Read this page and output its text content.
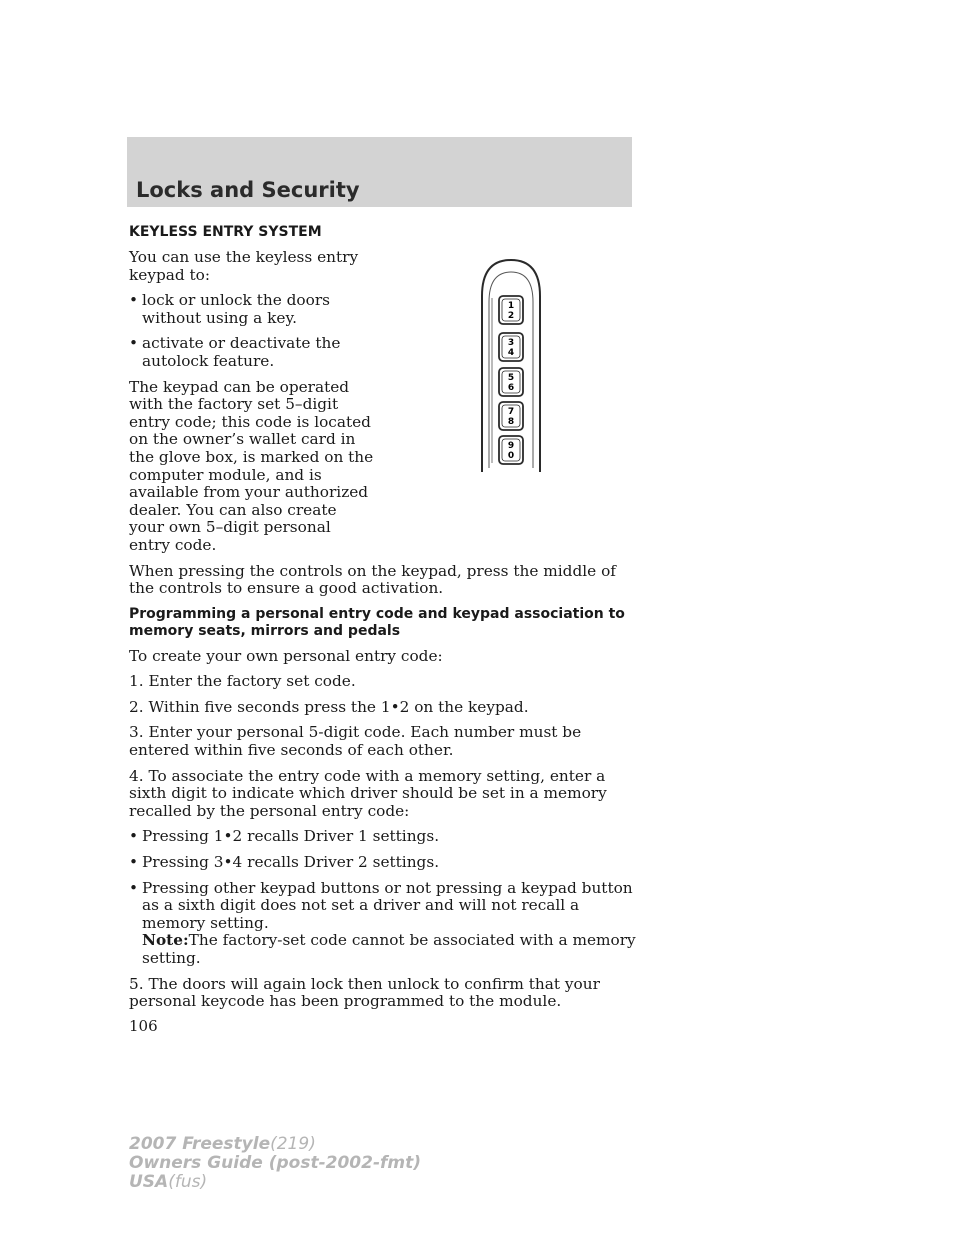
Locks and Security

KEYLESS ENTRY SYSTEM

You can use the keyless entry keypad to:

• lock or unlock the doors without using a key.
• activate or deactivate the autolock feature.

The keypad can be operated with the factory set 5–digit entry code; this code is located on the owner’s wallet card in the glove box, is marked on the computer module, and is available from your authorized dealer. You can also create your own 5–digit personal entry code.

When pressing the controls on the keypad, press the middle of the controls to ensure a good activation.

Programming a personal entry code and keypad association to memory seats, mirrors and pedals

To create your own personal entry code:

1. Enter the factory set code.

2. Within five seconds press the 1•2 on the keypad.

3. Enter your personal 5-digit code. Each number must be entered within five seconds of each other.

4. To associate the entry code with a memory setting, enter a sixth digit to indicate which driver should be set in a memory recalled by the personal entry code:

• Pressing 1•2 recalls Driver 1 settings.
• Pressing 3•4 recalls Driver 2 settings.
• Pressing other keypad buttons or not pressing a keypad button as a sixth digit does not set a driver and will not recall a memory setting.
Note:The factory-set code cannot be associated with a memory setting.

5. The doors will again lock then unlock to confirm that your personal keycode has been programmed to the module.

1
2
3
4
5
6
7
8
9
0
106
2007 Freestyle(219)
Owners Guide (post-2002-fmt)
USA(fus)
